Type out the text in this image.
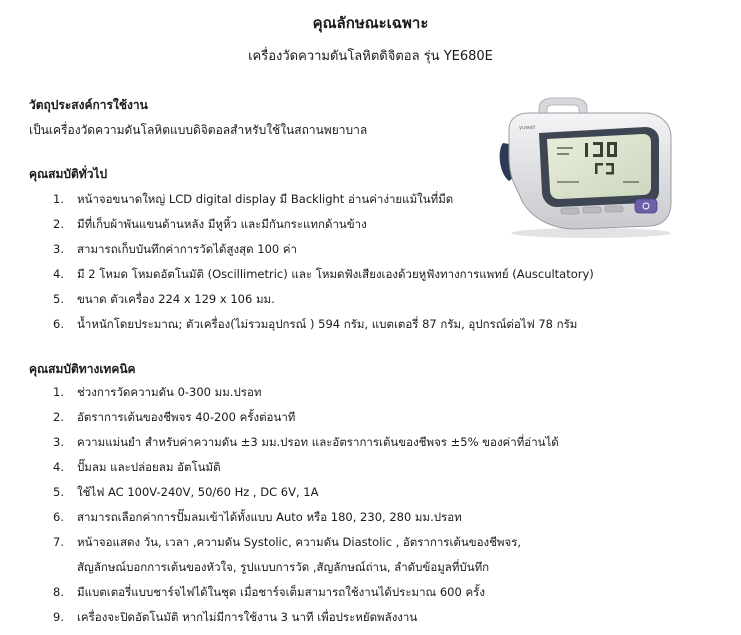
คุณลักษณะเฉพาะ
เครื่องวัดความดันโลหิตดิจิตอล รุ่น YE680E
วัตถุประสงค์การใช้งาน
เป็นเครื่องวัดความดันโลหิตแบบดิจิตอลสำหรับใช้ในสถานพยาบาล
คุณสมบัติทั่วไป
1. หน้าจอขนาดใหญ่ LCD digital display มี Backlight อ่านค่าง่ายแม้ในที่มืด
2. มีที่เก็บผ้าพันแขนด้านหลัง มีหูหิ้ว และมีกันกระแทกด้านข้าง
3. สามารถเก็บบันทึกค่าการวัดได้สูงสุด 100 ค่า
4. มี 2 โหมด โหมดอัตโนมัติ (Oscillimetric) และ โหมดฟังเสียงเองด้วยหูฟังทางการแพทย์ (Auscultatory)
5. ขนาด ตัวเครื่อง 224 x 129 x 106 มม.
6. น้ำหนักโดยประมาณ; ตัวเครื่อง(ไม่รวมอุปกรณ์ ) 594 กรัม, แบตเตอรี่ 87 กรัม, อุปกรณ์ต่อไฟ 78 กรัม
คุณสมบัติทางเทคนิค
1. ช่วงการวัดความดัน 0-300 มม.ปรอท
2. อัตราการเต้นของชีพจร 40-200 ครั้งต่อนาที
3. ความแม่นยำ สำหรับค่าความดัน ±3 มม.ปรอท และอัตราการเต้นของชีพจร ±5% ของค่าที่อ่านได้
4. ปั๊มลม และปล่อยลม อัตโนมัติ
5. ใช้ไฟ AC 100V-240V, 50/60 Hz , DC 6V, 1A
6. สามารถเลือกค่าการปั๊มลมเข้าได้ทั้งแบบ Auto หรือ 180, 230, 280 มม.ปรอท
7. หน้าจอแสดง วัน, เวลา ,ความดัน Systolic, ความดัน Diastolic , อัตราการเต้นของชีพจร,
สัญลักษณ์บอกการเต้นของหัวใจ, รูปแบบการวัด ,สัญลักษณ์ถ่าน, ลำดับข้อมูลที่บันทึก
8. มีแบตเตอรี่แบบชาร์จไฟได้ในชุด เมื่อชาร์จเต็มสามารถใช้งานได้ประมาณ 600 ครั้ง
9. เครื่องจะปิดอัตโนมัติ หากไม่มีการใช้งาน 3 นาที เพื่อประหยัดพลังงาน
yuwell
